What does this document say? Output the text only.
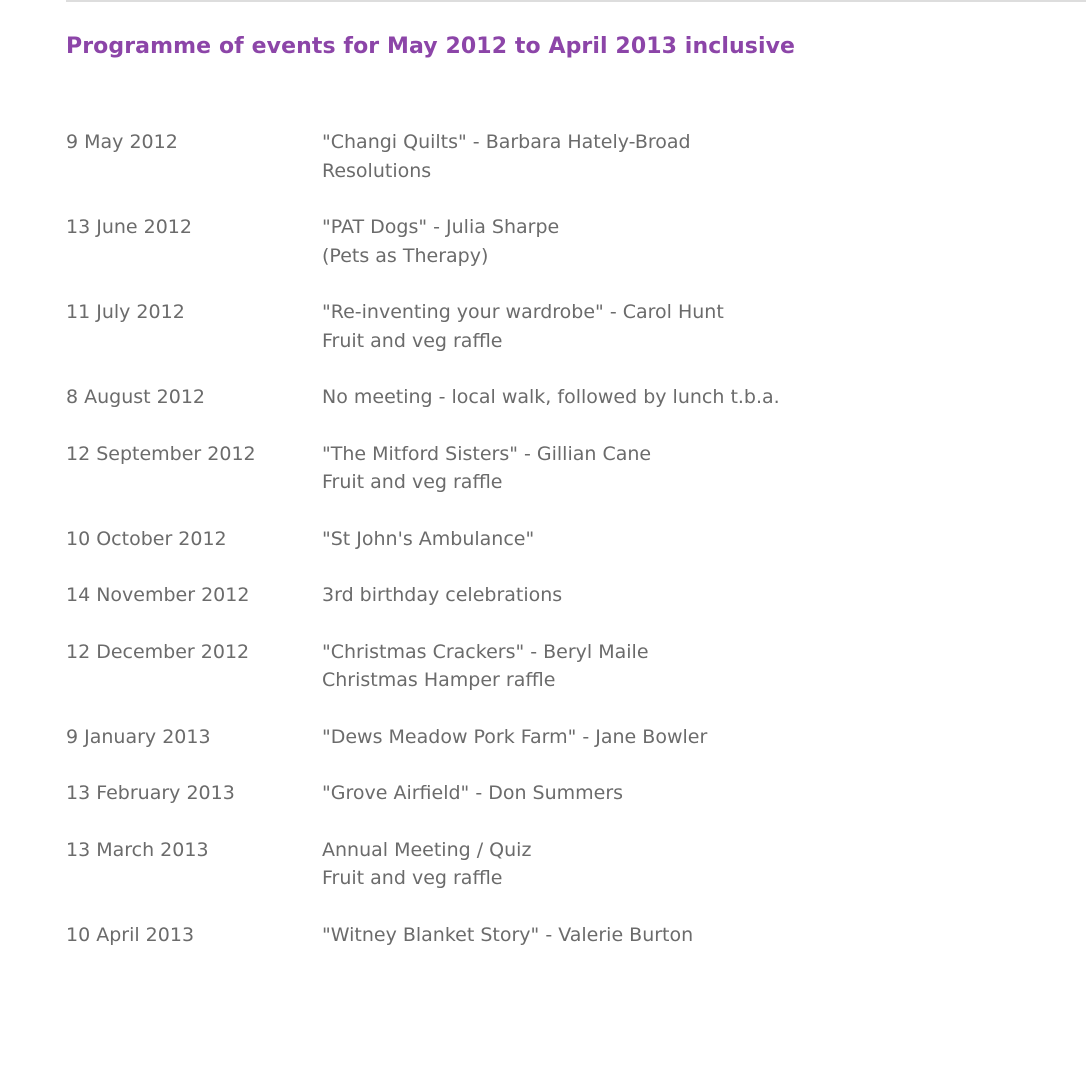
Programme of events for May 2012 to April 2013 inclusive
9 May 2012	"Changi Quilts" - Barbara Hately-Broad
Resolutions
13 June 2012	"PAT Dogs" - Julia Sharpe
(Pets as Therapy)
11 July 2012	"Re-inventing your wardrobe" - Carol Hunt
Fruit and veg raffle
8 August 2012	No meeting - local walk, followed by lunch t.b.a.
12 September 2012	"The Mitford Sisters" - Gillian Cane
Fruit and veg raffle
10 October 2012	"St John's Ambulance"
14 November 2012	3rd birthday celebrations
12 December 2012	"Christmas Crackers" - Beryl Maile
Christmas Hamper raffle
9 January 2013	"Dews Meadow Pork Farm" - Jane Bowler
13 February 2013	"Grove Airfield" - Don Summers
13 March 2013	Annual Meeting / Quiz
Fruit and veg raffle
10 April 2013	"Witney Blanket Story" - Valerie Burton
